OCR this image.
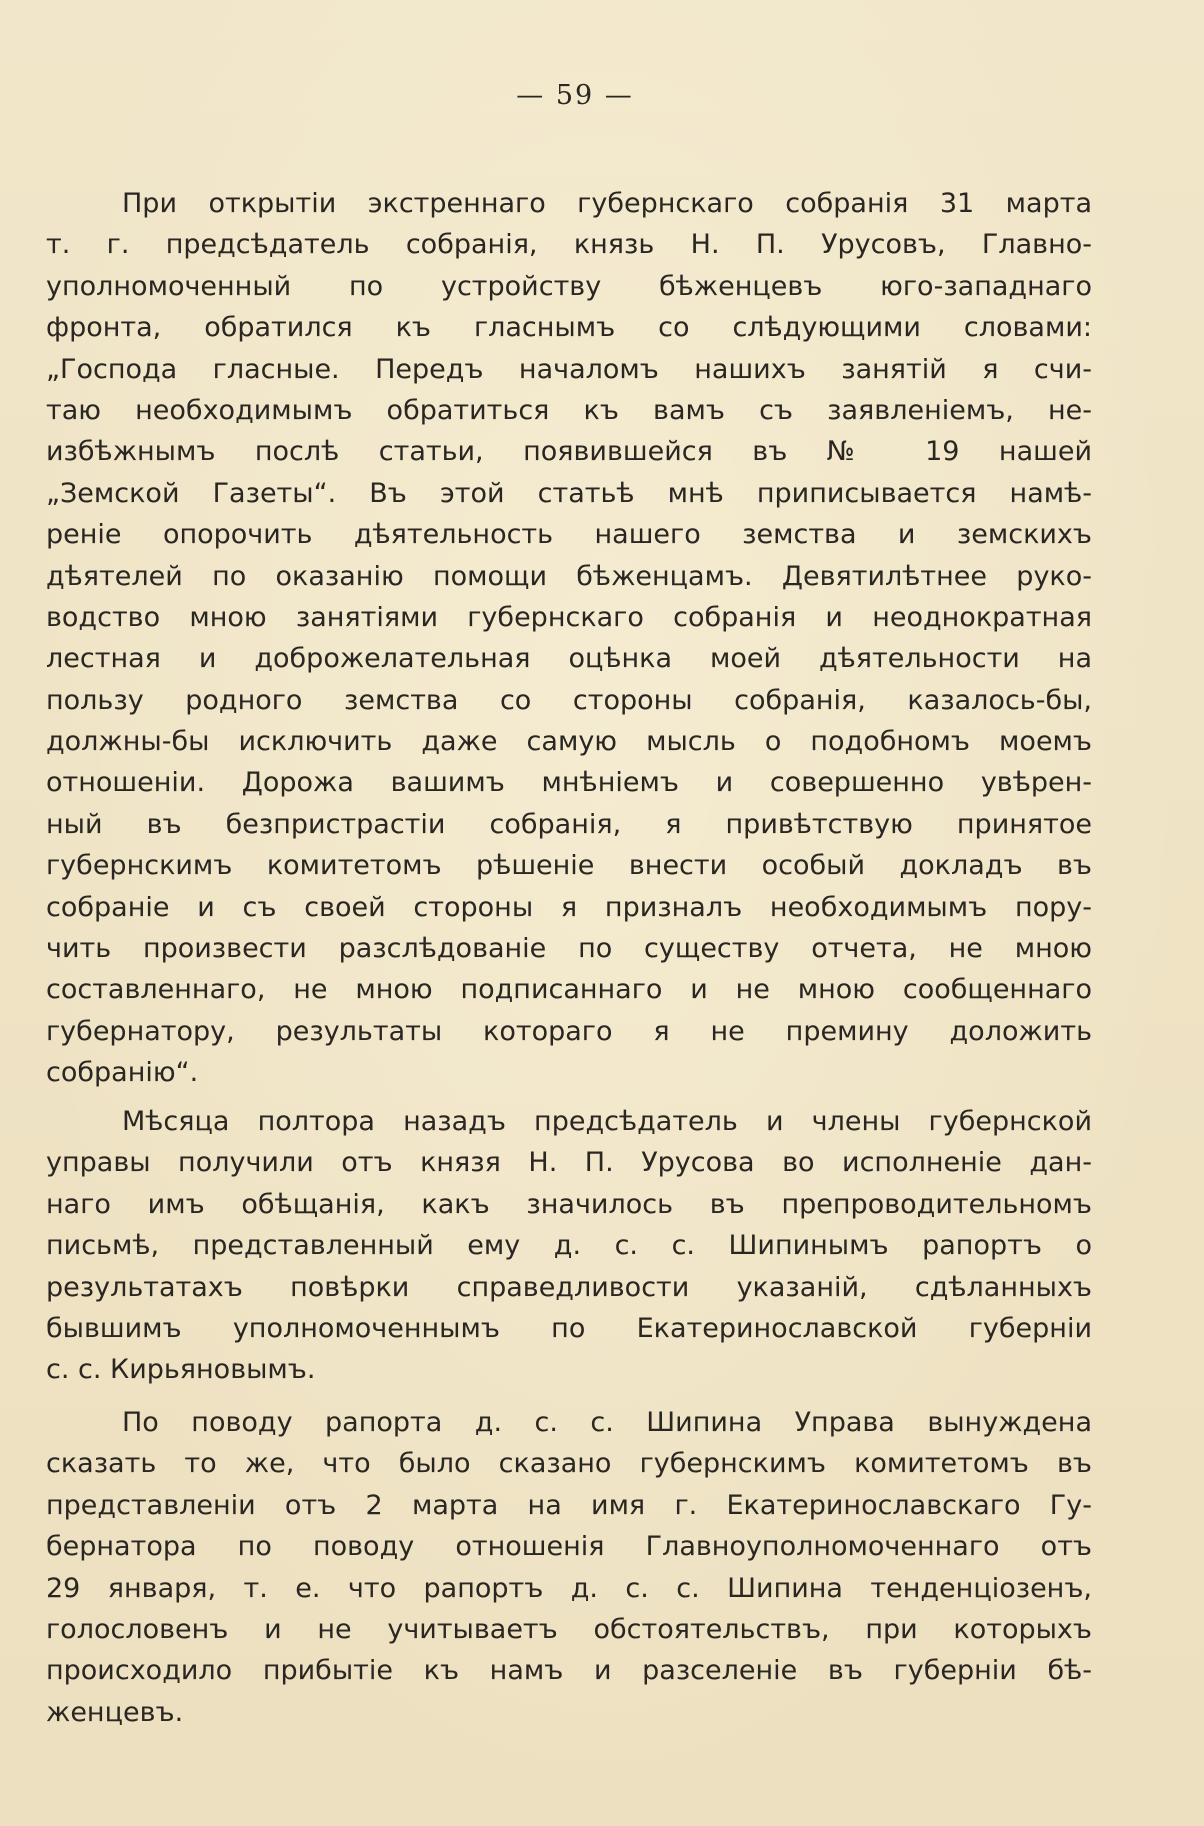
— 59 —
При открытіи экстреннаго губернскаго собранія 31 марта
т. г. предсѣдатель собранія, князь Н. П. Урусовъ, Главно-
уполномоченный по устройству бѣженцевъ юго-западнаго
фронта, обратился къ гласнымъ со слѣдующими словами:
„Господа гласные. Передъ началомъ нашихъ занятій я счи-
таю необходимымъ обратиться къ вамъ съ заявленіемъ, не-
избѣжнымъ послѣ статьи, появившейся въ № 19 нашей
„Земской Газеты“. Въ этой статьѣ мнѣ приписывается намѣ-
реніе опорочить дѣятельность нашего земства и земскихъ
дѣятелей по оказанію помощи бѣженцамъ. Девятилѣтнее руко-
водство мною занятіями губернскаго собранія и неоднократная
лестная и доброжелательная оцѣнка моей дѣятельности на
пользу родного земства со стороны собранія, казалось-бы,
должны-бы исключить даже самую мысль о подобномъ моемъ
отношеніи. Дорожа вашимъ мнѣніемъ и совершенно увѣрен-
ный въ безпристрастіи собранія, я привѣтствую принятое
губернскимъ комитетомъ рѣшеніе внести особый докладъ въ
собраніе и съ своей стороны я призналъ необходимымъ пору-
чить произвести разслѣдованіе по существу отчета, не мною
составленнаго, не мною подписаннаго и не мною сообщеннаго
губернатору, результаты котораго я не премину доложить
собранію“.
Мѣсяца полтора назадъ предсѣдатель и члены губернской
управы получили отъ князя Н. П. Урусова во исполненіе дан-
наго имъ обѣщанія, какъ значилось въ препроводительномъ
письмѣ, представленный ему д. с. с. Шипинымъ рапортъ о
результатахъ повѣрки справедливости указаній, сдѣланныхъ
бывшимъ уполномоченнымъ по Екатеринославской губерніи
с. с. Кирьяновымъ.
По поводу рапорта д. с. с. Шипина Управа вынуждена
сказать то же, что было сказано губернскимъ комитетомъ въ
представленіи отъ 2 марта на имя г. Екатеринославскаго Гу-
бернатора по поводу отношенія Главноуполномоченнаго отъ
29 января, т. е. что рапортъ д. с. с. Шипина тенденціозенъ,
голословенъ и не учитываетъ обстоятельствъ, при которыхъ
происходило прибытіе къ намъ и разселеніе въ губерніи бѣ-
женцевъ.
